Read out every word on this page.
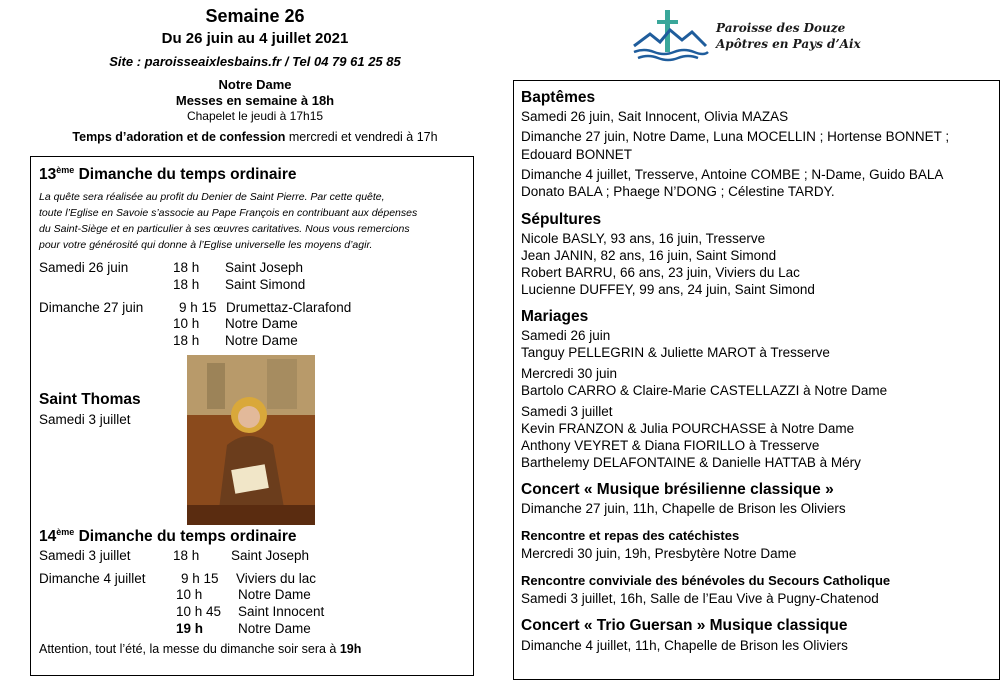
Semaine 26
Du 26 juin au 4 juillet 2021
Site : paroisseaixlesbains.fr / Tel 04 79 61 25 85
Notre Dame
Messes en semaine à 18h
Chapelet le jeudi à 17h15
Temps d’adoration et de confession mercredi et vendredi à 17h
Paroisse des Douze
Apôtres en Pays d’Aix
13ème Dimanche du temps ordinaire
La quête sera réalisée au profit du Denier de Saint Pierre. Par cette quête,
toute l’Eglise en Savoie s’associe au Pape François en contribuant aux dépenses
du Saint-Siège et en particulier à ses œuvres caritatives. Nous vous remercions
pour votre générosité qui donne à l’Eglise universelle les moyens d’agir.
Samedi 26 juin	18 h Saint Joseph
18 h Saint Simond
Dimanche 27 juin	9 h 15 Drumettaz-Clarafond
10 h Notre Dame
18 h Notre Dame
Saint Thomas
Samedi 3 juillet
14ème Dimanche du temps ordinaire
Samedi 3 juillet	18 h Saint Joseph
Dimanche 4 juillet	9 h 15 Viviers du lac
10 h	Notre Dame
10 h 45 Saint Innocent
19 h	Notre Dame
Attention, tout l’été, la messe du dimanche soir sera à 19h
Baptêmes
Samedi 26 juin, Sait Innocent, Olivia MAZAS
Dimanche 27 juin, Notre Dame, Luna MOCELLIN ; Hortense BONNET ;
Edouard BONNET
Dimanche 4 juillet, Tresserve, Antoine COMBE ; N-Dame, Guido BALA
Donato BALA ; Phaege N’DONG ; Célestine TARDY.
Sépultures
Nicole BASLY, 93 ans, 16 juin, Tresserve
Jean JANIN, 82 ans, 16 juin, Saint Simond
Robert BARRU, 66 ans, 23 juin, Viviers du Lac
Lucienne DUFFEY, 99 ans, 24 juin, Saint Simond
Mariages
Samedi 26 juin
Tanguy PELLEGRIN & Juliette MAROT à Tresserve
Mercredi 30 juin
Bartolo CARRO & Claire-Marie CASTELLAZZI à Notre Dame
Samedi 3 juillet
Kevin FRANZON & Julia POURCHASSE à Notre Dame
Anthony VEYRET & Diana FIORILLO à Tresserve
Barthelemy DELAFONTAINE & Danielle HATTAB à Méry
Concert « Musique brésilienne classique »
Dimanche 27 juin, 11h, Chapelle de Brison les Oliviers
Rencontre et repas des catéchistes
Mercredi 30 juin, 19h, Presbytère Notre Dame
Rencontre conviviale des bénévoles du Secours Catholique
Samedi 3 juillet, 16h, Salle de l’Eau Vive à Pugny-Chatenod
Concert « Trio Guersan » Musique classique
Dimanche 4 juillet, 11h, Chapelle de Brison les Oliviers
